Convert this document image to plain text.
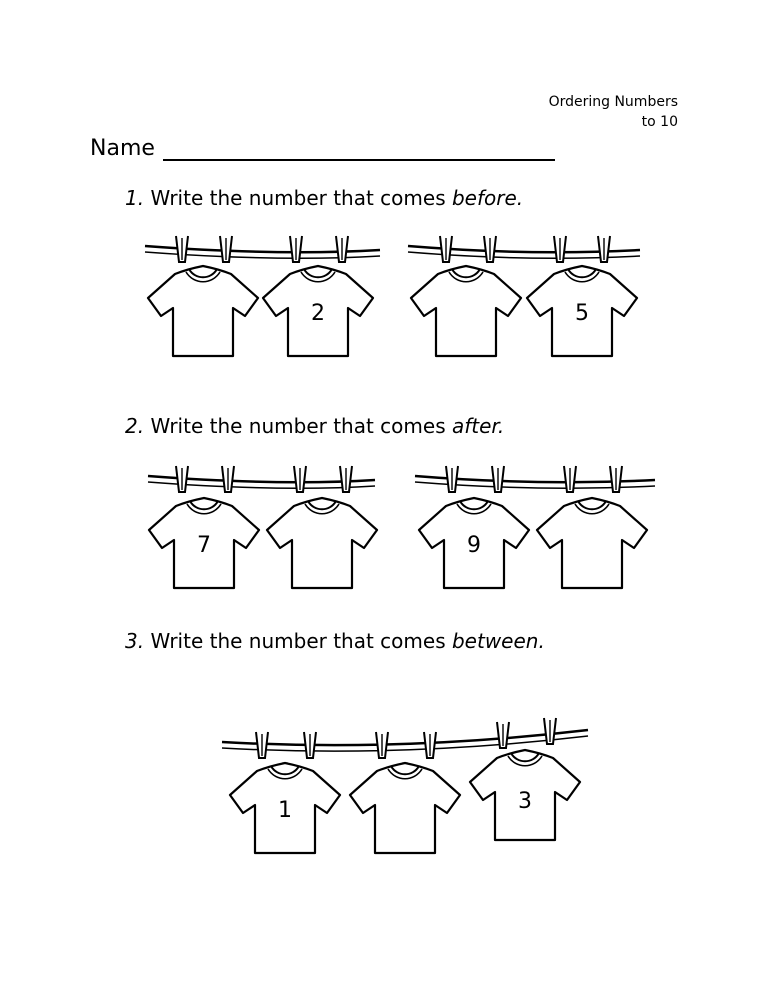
Ordering Numbers
to 10
Name
1. Write the number that comes before.
2. Write the number that comes after.
3. Write the number that comes between.
2	5
7	9
1	3
